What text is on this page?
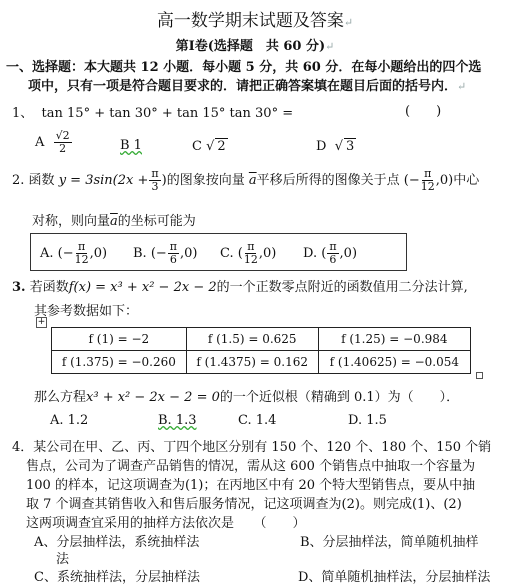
高一数学期末试题及答案↵
第Ⅰ卷(选择题　共 60 分)↵
一、选择题：本大题共 12 小题．每小题 5 分，共 60 分．在每小题给出的四个选
项中，只有一项是符合题目要求的．请把正确答案填在题目后面的括号内．↵
1、 tan 15° + tan 30° + tan 15° tan 30° =	(　　)
A $\frac{√2}{2}$	B 1	C √ 2	D  √ 3
2. 函数 $y = 3\sin(2x + \frac{\pi}{3}$ )的图象按向量 $\overline{a}$平移后所得的图像关于点 (− $\frac{\pi}{12} ,0$)中心
对称，则向量$\overline{a}$的坐标可能为
A. (− $\frac{\pi}{12} ,0$) B. (− $\frac{\pi}{6} ,0$) C. ( $\frac{\pi}{12} ,0$) D. ( $\frac{\pi}{6} ,0$)
3. 若函数f(x) = x³ + x² − 2x − 2的一个正数零点附近的函数值用二分法计算,
其参考数据如下：
+
f (1) = −2	f (1.5) = 0.625	f (1.25) = −0.984
f (1.375) = −0.260	f (1.4375) = 0.162	f (1.40625) = −0.054
那么方程x³ + x² − 2x − 2 = 0的一个近似根（精确到 0.1）为（　　）．
A. 1.2	B. 1.3	C. 1.4	D. 1.5
4．某公司在甲、乙、丙、丁四个地区分别有 150 个、120 个、180 个、150 个销
售点，公司为了调查产品销售的情况，需从这 600 个销售点中抽取一个容量为
100 的样本，记这项调查为(1)；在丙地区中有 20 个特大型销售点，要从中抽
取 7 个调查其销售收入和售后服务情况，记这项调查为(2)。则完成(1)、(2)
这两项调查宜采用的抽样方法依次是　　（　　）
A、分层抽样法，系统抽样法	B、分层抽样法，简单随机抽样
法
C、系统抽样法，分层抽样法	D、简单随机抽样法，分层抽样法
